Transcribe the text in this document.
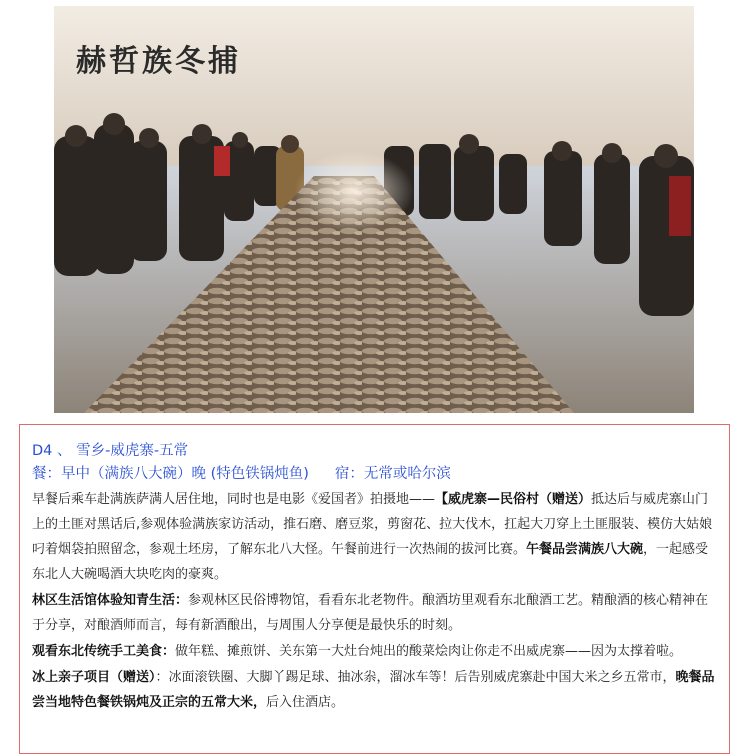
赫哲族冬捕
D4 、 雪乡-威虎寨-五常
餐：早中（满族八大碗）晚 (特色铁锅炖鱼) 宿：无常或哈尔滨
早餐后乘车赴满族萨满人居住地，同时也是电影《爱国者》拍摄地——【威虎寨—民俗村（赠送）抵达后与威虎寨山门上的土匪对黑话后,参观体验满族家访活动，推石磨、磨豆浆，剪窗花、拉大伐木，扛起大刀穿上土匪服装、模仿大姑娘叼着烟袋拍照留念，参观土坯房，了解东北八大怪。午餐前进行一次热闹的拔河比赛。午餐品尝满族八大碗，一起感受东北人大碗喝酒大块吃肉的豪爽。
林区生活馆体验知青生活：参观林区民俗博物馆，看看东北老物件。酿酒坊里观看东北酿酒工艺。精酿酒的核心精神在于分享，对酿酒师而言，每有新酒酿出，与周围人分享便是最快乐的时刻。
观看东北传统手工美食：做年糕、摊煎饼、关东第一大灶台炖出的酸菜烩肉让你走不出威虎寨——因为太撑着啦。
冰上亲子项目（赠送）：冰面滚铁圈、大脚丫踢足球、抽冰尜，溜冰车等！后告别威虎寨赴中国大米之乡五常市，晚餐品尝当地特色餐铁锅炖及正宗的五常大米，后入住酒店。
